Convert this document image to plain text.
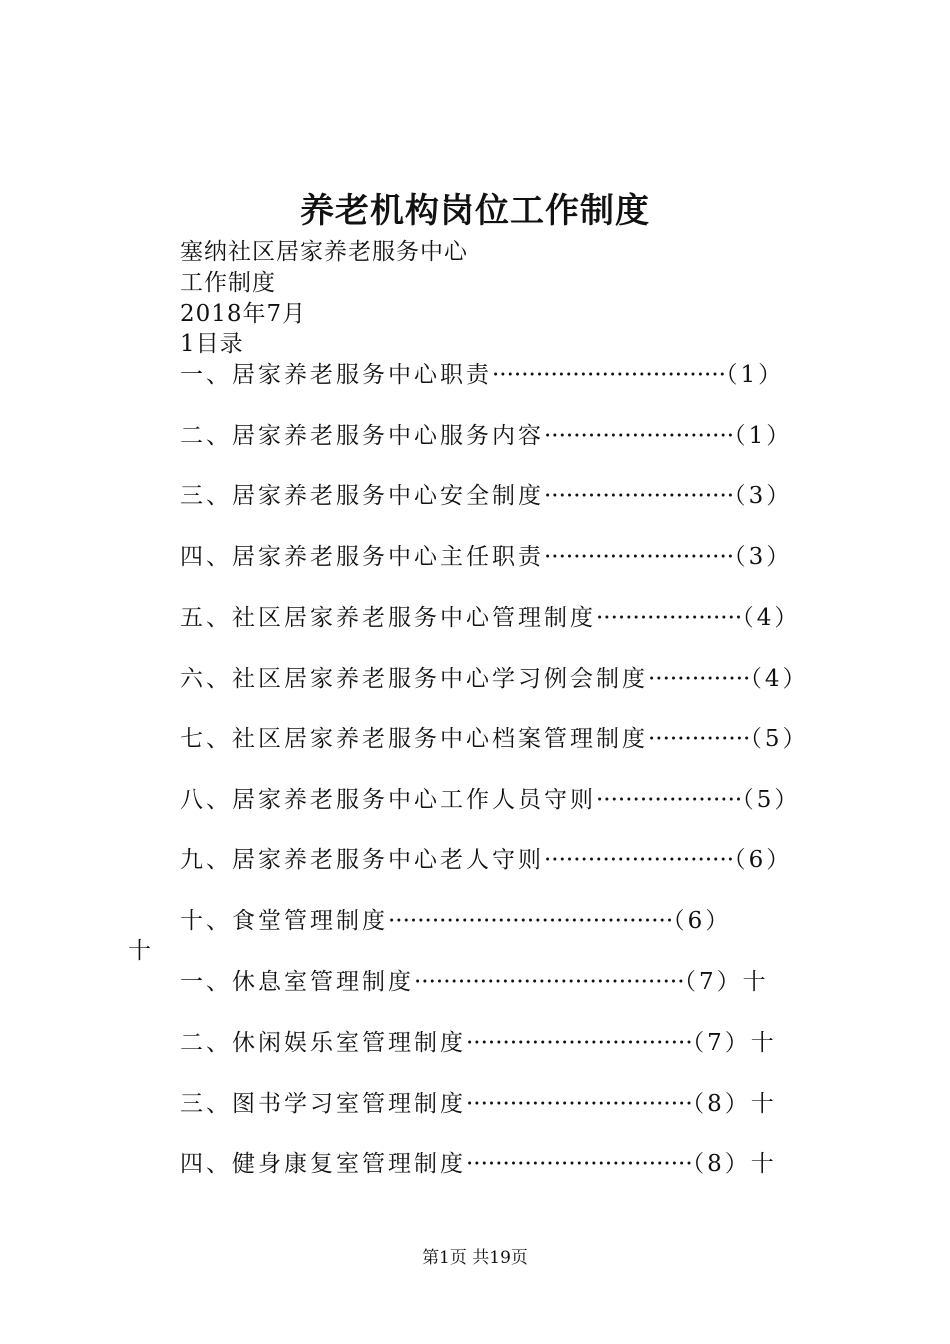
养老机构岗位工作制度
塞纳社区居家养老服务中心
工作制度
2018年7月
1目录
一、居家养老服务中心职责································（1）
二、居家养老服务中心服务内容··························（1）
三、居家养老服务中心安全制度··························（3）
四、居家养老服务中心主任职责··························（3）
五、社区居家养老服务中心管理制度····················（4）
六、社区居家养老服务中心学习例会制度··············（4）
七、社区居家养老服务中心档案管理制度··············（5）
八、居家养老服务中心工作人员守则····················（5）
九、居家养老服务中心老人守则··························（6）
十、食堂管理制度·······································（6）
十
一、休息室管理制度·····································（7）十
二、休闲娱乐室管理制度·······························（7）十
三、图书学习室管理制度·······························（8）十
四、健身康复室管理制度·······························（8）十
第1页 共19页
